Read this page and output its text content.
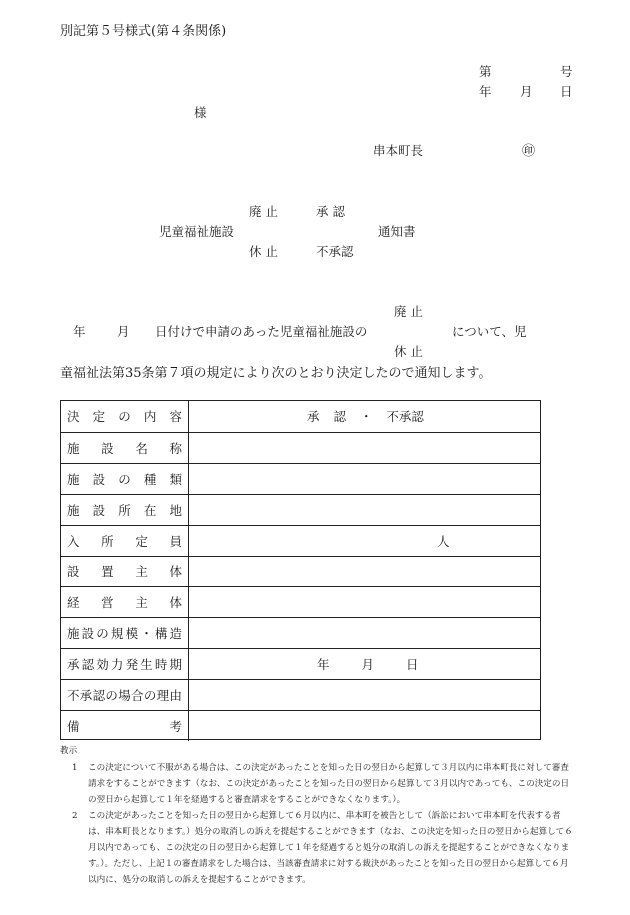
別記第５号様式(第４条関係)
第	号
年 月 日
様
串本町長	㊞
廃 止	承 認
児童福祉施設	通知書
休 止	不承認
廃 止
年	月 日付けで申請のあった児童福祉施設の	について、児
休 止
童福祉法第35条第７項の規定により次のとおり決定したので通知します。
決 定 の 内 容	承 認 ・ 不承認
施 設 名 称
施 設 の 種 類
施 設 所 在 地
入 所 定 員	人
設 置 主 体
経 営 主 体
施設の規模・構造
承認効力発生時期	年 月 日
不承認の場合の理由
備 考
教示
1	この決定について不服がある場合は、この決定があったことを知った日の翌日から起算して３月以内に串本町長に対して審査請求をすることができます（なお、この決定があったことを知った日の翌日から起算して３月以内であっても、この決定の日の翌日から起算して１年を経過すると審査請求をすることができなくなります。）。
2	この決定があったことを知った日の翌日から起算して６月以内に、串本町を被告として（訴訟において串本町を代表する者は、串本町長となります。）処分の取消しの訴えを提起することができます（なお、この決定を知った日の翌日から起算して６月以内であっても、この決定の日の翌日から起算して１年を経過すると処分の取消しの訴えを提起することができなくなります。）。ただし、上記１の審査請求をした場合は、当該審査請求に対する裁決があったことを知った日の翌日から起算して６月以内に、処分の取消しの訴えを提起することができます。
